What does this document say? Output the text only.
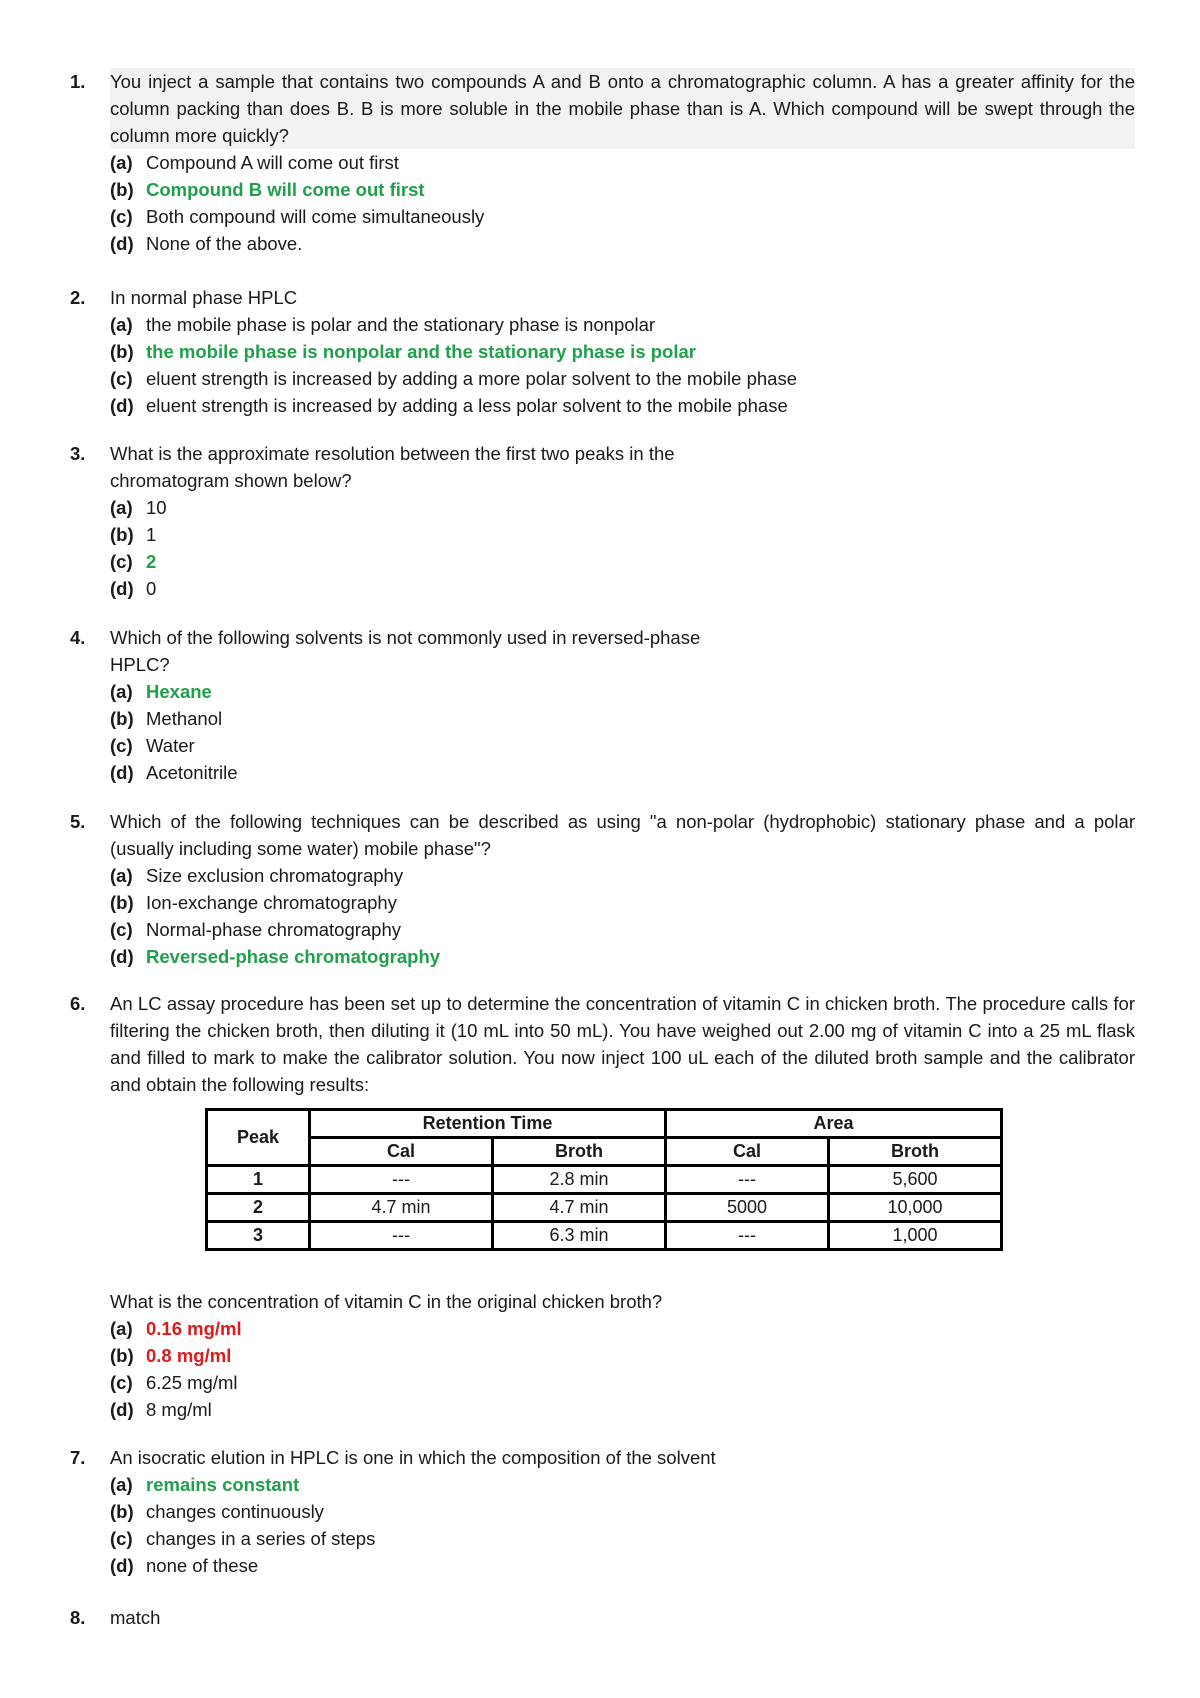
1.	You inject a sample that contains two compounds A and B onto a chromatographic column. A has a greater affinity for the column packing than does B. B is more soluble in the mobile phase than is A. Which compound will be swept through the column more quickly?
(a) Compound A will come out first
(b) Compound B will come out first
(c) Both compound will come simultaneously
(d) None of the above.
2.	In normal phase HPLC
(a) the mobile phase is polar and the stationary phase is nonpolar
(b) the mobile phase is nonpolar and the stationary phase is polar
(c) eluent strength is increased by adding a more polar solvent to the mobile phase
(d) eluent strength is increased by adding a less polar solvent to the mobile phase
3.	What is the approximate resolution between the first two peaks in the
chromatogram shown below?
(a) 10
(b) 1
(c) 2
(d) 0
4.	Which of the following solvents is not commonly used in reversed-phase
HPLC?
(a) Hexane
(b) Methanol
(c) Water
(d) Acetonitrile
5.	Which of the following techniques can be described as using "a non-polar (hydrophobic) stationary phase and a polar (usually including some water) mobile phase"?
(a) Size exclusion chromatography
(b) Ion-exchange chromatography
(c) Normal-phase chromatography
(d) Reversed-phase chromatography
6.	An LC assay procedure has been set up to determine the concentration of vitamin C in chicken broth. The procedure calls for filtering the chicken broth, then diluting it (10 mL into 50 mL). You have weighed out 2.00 mg of vitamin C into a 25 mL flask and filled to mark to make the calibrator solution. You now inject 100 uL each of the diluted broth sample and the calibrator and obtain the following results:
Peak	Retention Time		Area	
	Cal	Broth	Cal	Broth
1	---	2.8 min	---	5,600
2	4.7 min	4.7 min	5000	10,000
3	---	6.3 min	---	1,000
What is the concentration of vitamin C in the original chicken broth?
(a) 0.16 mg/ml
(b) 0.8 mg/ml
(c) 6.25 mg/ml
(d) 8 mg/ml
7.	An isocratic elution in HPLC is one in which the composition of the solvent
(a) remains constant
(b) changes continuously
(c) changes in a series of steps
(d) none of these
8.	match
